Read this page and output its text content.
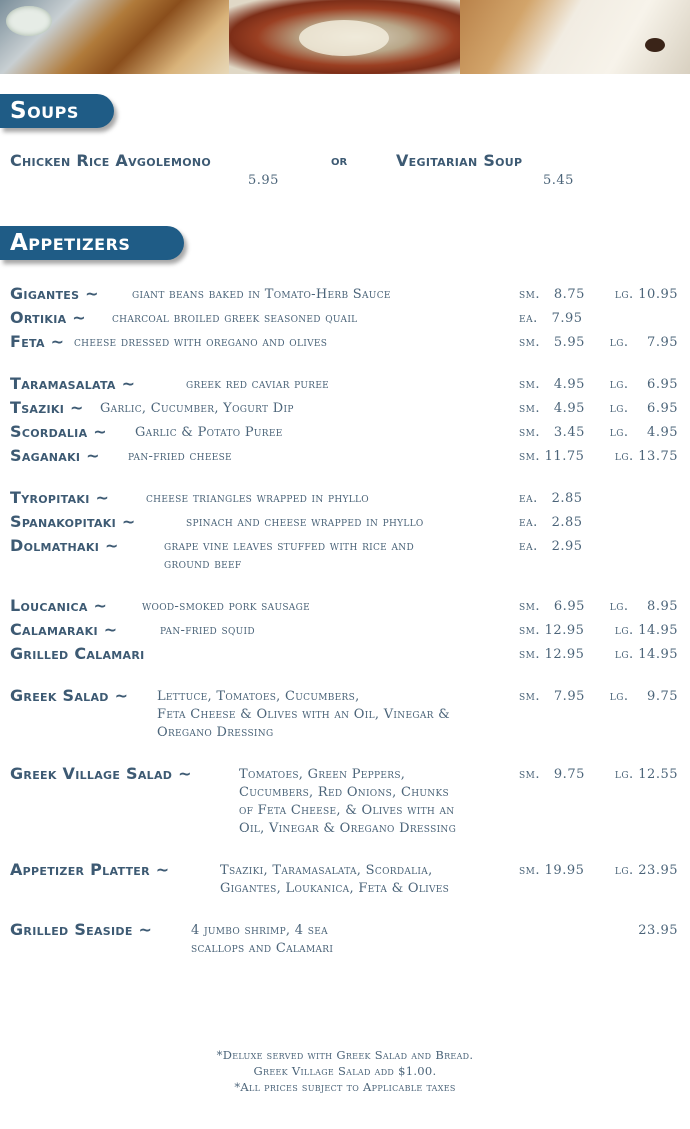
Soups
Chicken Rice Avgolemono
5.95
or	Vegitarian Soup
5.45
Appetizers
Gigantes ~	giant beans baked in Tomato-Herb Sauce	sm.   8.75 lg. 10.95
Ortikia ~ charcoal broiled greek seasoned quail	ea.   7.95
Feta ~ cheese dressed with oregano and olives	sm.   5.95 lg.    7.95
Taramasalata ~	greek red caviar puree	sm.   4.95 lg.    6.95
Tsaziki ~ Garlic, Cucumber, Yogurt Dip	sm.   4.95 lg.    6.95
Scordalia ~ Garlic & Potato Puree	sm.   3.45 lg.    4.95
Saganaki ~ pan-fried cheese	sm. 11.75 lg. 13.75
Tyropitaki ~	cheese triangles wrapped in phyllo	ea.   2.85
Spanakopitaki ~	spinach and cheese wrapped in phyllo	ea.   2.85
Dolmathaki ~	grape vine leaves stuffed with rice and
ground beef
ea.   2.95
Loucanica ~	wood-smoked pork sausage	sm.   6.95 lg.    8.95
Calamaraki ~	pan-fried squid	sm. 12.95 lg. 14.95
Grilled Calamari	sm. 12.95 lg. 14.95
Greek Salad ~ Lettuce, Tomatoes, Cucumbers,
Feta Cheese & Olives with an Oil, Vinegar &
Oregano Dressing
sm.   7.95 lg.    9.75
Greek Village Salad ~	Tomatoes, Green Peppers,
Cucumbers, Red Onions, Chunks
of Feta Cheese, & Olives with an
Oil, Vinegar & Oregano Dressing
sm.   9.75 lg. 12.55
Appetizer Platter ~	Tsaziki, Taramasalata, Scordalia,
Gigantes, Loukanica, Feta & Olives
sm. 19.95 lg. 23.95
Grilled Seaside ~	4 jumbo shrimp, 4 sea
scallops and Calamari
23.95
*Deluxe served with Greek Salad and Bread.
Greek Village Salad add $1.00.
*All prices subject to Applicable taxes
